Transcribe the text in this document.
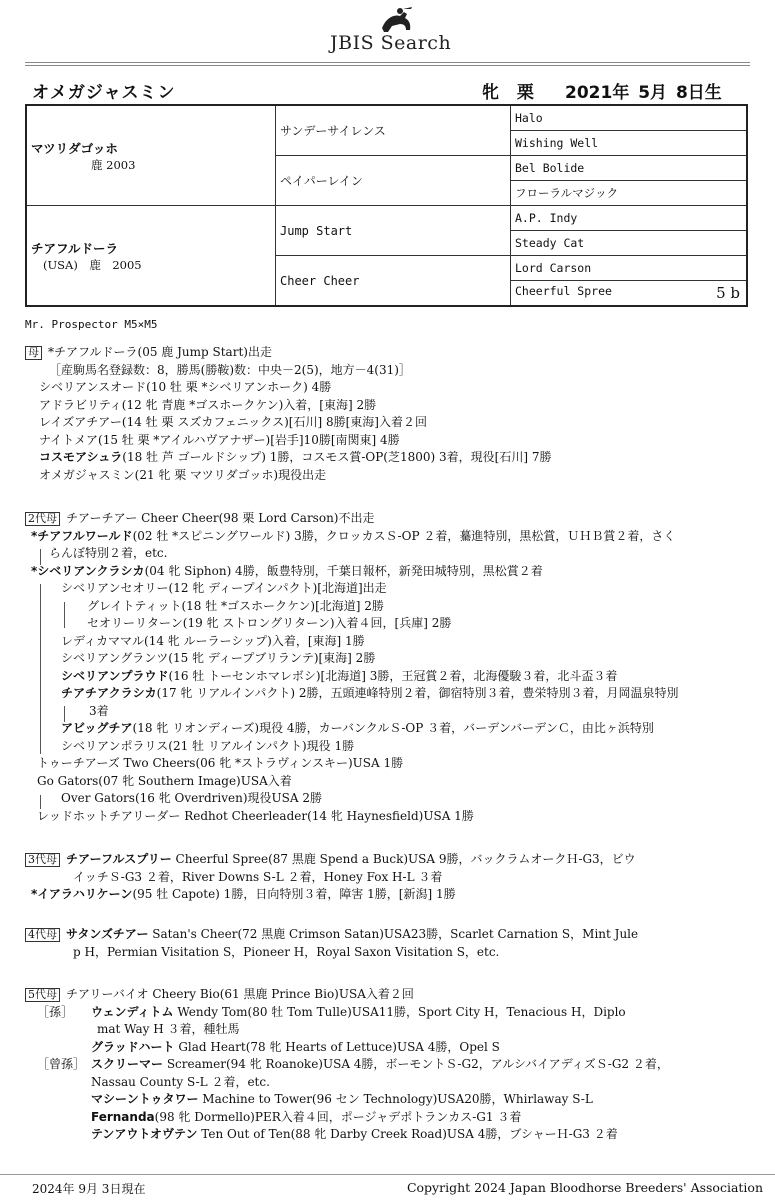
JBIS Search
オメガジャスミン	牝 栗 2021年 5月 8日生
マツリダゴッホ
鹿 2003	サンデーサイレンス	Halo
		Wishing Well
	ペイパーレイン	Bel Bolide
		フローラルマジック

チアフルドーラ
(USA)　鹿　2005	Jump Start	A.P. Indy
		Steady Cat
	Cheer Cheer	Lord Carson
		Cheerful Spree 5 b
Mr. Prospector M5×M5
母 *チアフルドーラ(05 鹿 Jump Start)出走
［産駒馬名登録数：8，勝馬(勝鞍)数：中央－2(5)，地方－4(31)］
シベリアンスオード(10 牡 栗 *シベリアンホーク) 4勝
アドラビリティ(12 牝 青鹿 *ゴスホークケン)入着，[東海] 2勝
レイズアチアー(14 牡 栗 スズカフェニックス)[石川] 8勝[東海]入着２回
ナイトメア(15 牡 栗 *アイルハヴアナザー)[岩手]10勝[南関東] 4勝
コスモアシュラ(18 牡 芦 ゴールドシップ) 1勝，コスモス賞-OP(芝1800) 3着，現役[石川] 7勝
オメガジャスミン(21 牝 栗 マツリダゴッホ)現役出走
2代母 チアーチアー Cheer Cheer(98 栗 Lord Carson)不出走
*チアフルワールド(02 牡 *スピニングワールド) 3勝，クロッカスＳ-OP ２着，驀進特別，黒松賞，ＵＨＢ賞２着，さく
らんぼ特別２着，etc.
*シベリアンクラシカ(04 牝 Siphon) 4勝，飯豊特別，千葉日報杯，新発田城特別，黒松賞２着
シベリアンセオリー(12 牝 ディープインパクト)[北海道]出走
グレイトティット(18 牡 *ゴスホークケン)[北海道] 2勝
セオリーリターン(19 牝 ストロングリターン)入着４回，[兵庫] 2勝
レディカママル(14 牝 ルーラーシップ)入着，[東海] 1勝
シベリアングランツ(15 牝 ディープブリランテ)[東海] 2勝
シベリアンプラウド(16 牡 トーセンホマレボシ)[北海道] 3勝，王冠賞２着，北海優駿３着，北斗盃３着
チアチアクラシカ(17 牝 リアルインパクト) 2勝，五頭連峰特別２着，御宿特別３着，豊栄特別３着，月岡温泉特別
3着
アビッグチア(18 牝 リオンディーズ)現役 4勝，カーバンクルＳ-OP ３着，バーデンバーデンＣ，由比ヶ浜特別
シベリアンポラリス(21 牡 リアルインパクト)現役 1勝
トゥーチアーズ Two Cheers(06 牝 *ストラヴィンスキー)USA 1勝
Go Gators(07 牝 Southern Image)USA入着
Over Gators(16 牝 Overdriven)現役USA 2勝
レッドホットチアリーダー Redhot Cheerleader(14 牝 Haynesfield)USA 1勝
3代母 チアーフルスプリー Cheerful Spree(87 黒鹿 Spend a Buck)USA 9勝，バックラムオークＨ-G3，ビウ
イッチＳ-G3 ２着，River Downs S-L ２着，Honey Fox H-L ３着
*イアラハリケーン(95 牡 Capote) 1勝，日向特別３着，障害 1勝，[新潟] 1勝
4代母 サタンズチアー Satan's Cheer(72 黒鹿 Crimson Satan)USA23勝，Scarlet Carnation S，Mint Jule
p H，Permian Visitation S，Pioneer H，Royal Saxon Visitation S，etc.
5代母 チアリーバイオ Cheery Bio(61 黒鹿 Prince Bio)USA入着２回
［孫］ ウェンディトム Wendy Tom(80 牡 Tom Tulle)USA11勝，Sport City H，Tenacious H，Diplo
mat Way H ３着，種牡馬
グラッドハート Glad Heart(78 牝 Hearts of Lettuce)USA 4勝，Opel S
［曾孫］ スクリーマー Screamer(94 牝 Roanoke)USA 4勝，ボーモントＳ-G2，アルシバイアディズＳ-G2 ２着，
Nassau County S-L ２着，etc.
マシーントゥタワー Machine to Tower(96 セン Technology)USA20勝，Whirlaway S-L
Fernanda(98 牝 Dormello)PER入着４回，ポージャデポトランカス-G1 ３着
テンアウトオヴテン Ten Out of Ten(88 牝 Darby Creek Road)USA 4勝，ブシャーＨ-G3 ２着
2024年 9月 3日現在	Copyright 2024 Japan Bloodhorse Breeders' Association
